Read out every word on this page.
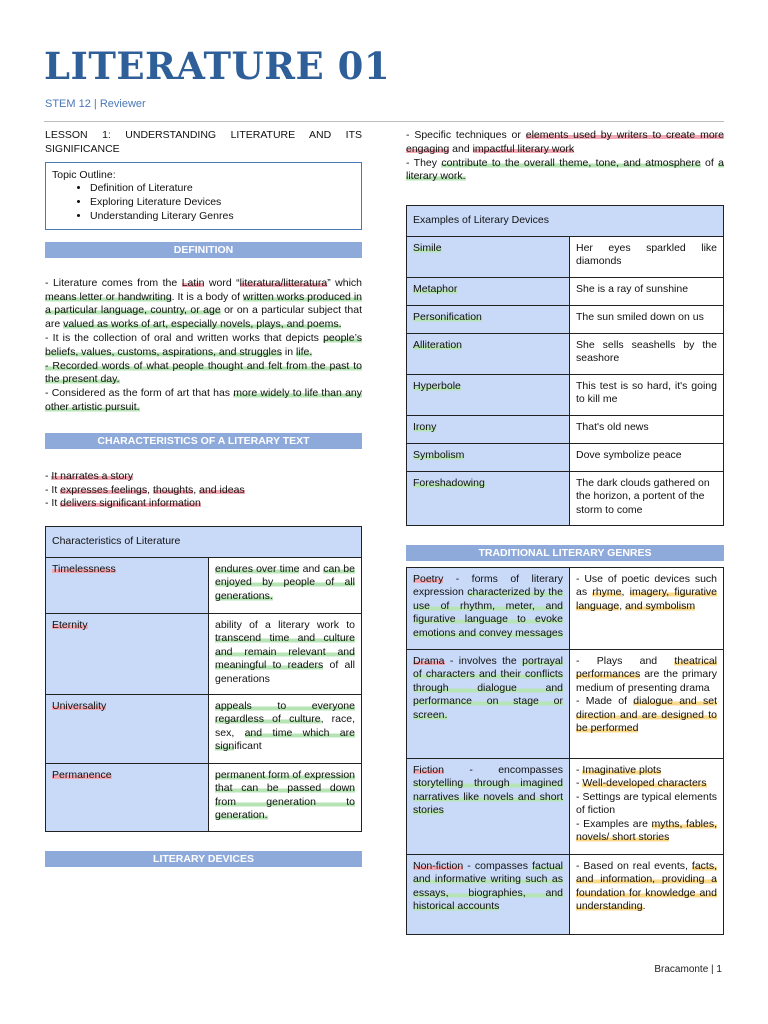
LITERATURE 01
STEM 12 | Reviewer

LESSON 1: UNDERSTANDING LITERATURE AND ITS SIGNIFICANCE

Topic Outline:
• Definition of Literature
• Exploring Literature Devices
• Understanding Literary Genres
DEFINITION

- Literature comes from the Latin word “literatura/litteratura” which means letter or handwriting. It is a body of written works produced in a particular language, country, or age or on a particular subject that are valued as works of art, especially novels, plays, and poems.

- It is the collection of oral and written works that depicts people’s beliefs, values, customs, aspirations, and struggles in life.

- Recorded words of what people thought and felt from the past to the present day.

- Considered as the form of art that has more widely to life than any other artistic pursuit.

CHARACTERISTICS OF A LITERARY TEXT
- It narrates a story
- It expresses feelings, thoughts, and ideas
- It delivers significant information
Characteristics of Literature	
Timelessness	endures over time and can be enjoyed by people of all generations.
Eternity	ability of a literary work to transcend time and culture and remain relevant and meaningful to readers of all generations
Universality	appeals to everyone regardless of culture, race, sex, and time which are significant
Permanence	permanent form of expression that can be passed down from generation to generation.
LITERARY DEVICES

- Specific techniques or elements used by writers to create more engaging and impactful literary work

- They contribute to the overall theme, tone, and atmosphere of a literary work.

Examples of Literary Devices	
Simile	Her eyes sparkled like diamonds
Metaphor	She is a ray of sunshine
Personification	The sun smiled down on us
Alliteration	She sells seashells by the seashore
Hyperbole	This test is so hard, it's going to kill me
Irony	That's old news
Symbolism	Dove symbolize peace
Foreshadowing	The dark clouds gathered on the horizon, a portent of the storm to come
TRADITIONAL LITERARY GENRES
Poetry - forms of literary expression characterized by the use of rhythm, meter, and figurative language to evoke emotions and convey messages	- Use of poetic devices such as rhyme, imagery, figurative language, and symbolism
Drama - involves the portrayal of characters and their conflicts through dialogue and performance on stage or screen.	- Plays and theatrical performances are the primary medium of presenting drama
- Made of dialogue and set direction and are designed to be performed
Fiction - encompasses storytelling through imagined narratives like novels and short stories	- Imaginative plots
- Well-developed characters
- Settings are typical elements of fiction
- Examples are myths, fables, novels/ short stories
Non-fiction - compasses factual and informative writing such as essays, biographies, and historical accounts	- Based on real events, facts, and information, providing a foundation for knowledge and understanding.
Bracamonte | 1
